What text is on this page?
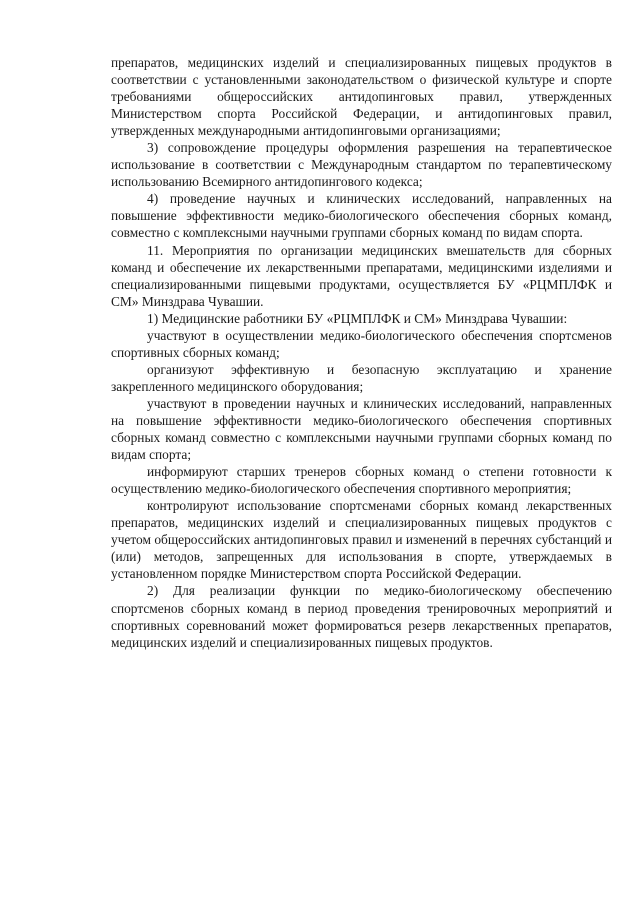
препаратов, медицинских изделий и специализированных пищевых продуктов в соответствии с установленными законодательством о физической культуре и спорте требованиями общероссийских антидопинговых правил, утвержденных Министерством спорта Российской Федерации, и антидопинговых правил, утвержденных международными антидопинговыми организациями;

3) сопровождение процедуры оформления разрешения на терапевтическое использование в соответствии с Международным стандартом по терапевтическому использованию Всемирного антидопингового кодекса;

4) проведение научных и клинических исследований, направленных на повышение эффективности медико-биологического обеспечения сборных команд, совместно с комплексными научными группами сборных команд по видам спорта.

11. Мероприятия по организации медицинских вмешательств для сборных команд и обеспечение их лекарственными препаратами, медицинскими изделиями и специализированными пищевыми продуктами, осуществляется БУ «РЦМПЛФК и СМ» Минздрава Чувашии.

1) Медицинские работники БУ «РЦМПЛФК и СМ» Минздрава Чувашии:

участвуют в осуществлении медико-биологического обеспечения спортсменов спортивных сборных команд;

организуют эффективную и безопасную эксплуатацию и хранение закрепленного медицинского оборудования;

участвуют в проведении научных и клинических исследований, направленных на повышение эффективности медико-биологического обеспечения спортивных сборных команд совместно с комплексными научными группами сборных команд по видам спорта;

информируют старших тренеров сборных команд о степени готовности к осуществлению медико-биологического обеспечения спортивного мероприятия;

контролируют использование спортсменами сборных команд лекарственных препаратов, медицинских изделий и специализированных пищевых продуктов с учетом общероссийских антидопинговых правил и изменений в перечнях субстанций и (или) методов, запрещенных для использования в спорте, утверждаемых в установленном порядке Министерством спорта Российской Федерации.

2) Для реализации функции по медико-биологическому обеспечению спортсменов сборных команд в период проведения тренировочных мероприятий и спортивных соревнований может формироваться резерв лекарственных препаратов, медицинских изделий и специализированных пищевых продуктов.
